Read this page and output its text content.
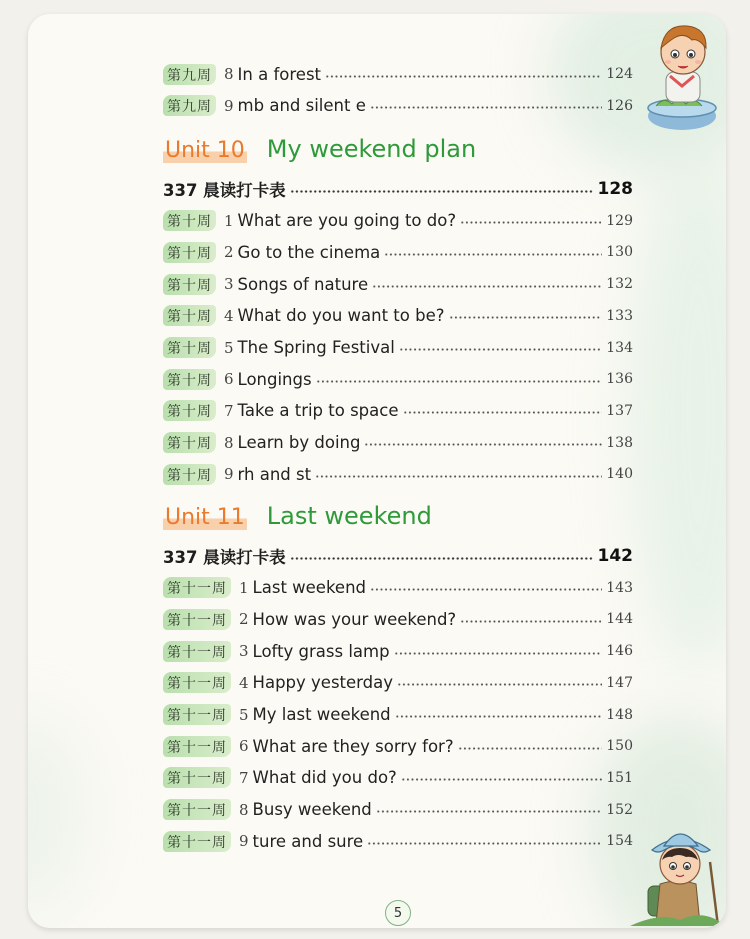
第九周 8 In a forest	124
第九周 9 mb and silent e	126
Unit 10 My weekend plan
337 晨读打卡表	128
第十周 1 What are you going to do?	129
第十周 2 Go to the cinema	130
第十周 3 Songs of nature	132
第十周 4 What do you want to be?	133
第十周 5 The Spring Festival	134
第十周 6 Longings	136
第十周 7 Take a trip to space	137
第十周 8 Learn by doing	138
第十周 9 rh and st	140
Unit 11 Last weekend
337 晨读打卡表	142
第十一周 1 Last weekend	143
第十一周 2 How was your weekend?	144
第十一周 3 Lofty grass lamp	146
第十一周 4 Happy yesterday	147
第十一周 5 My last weekend	148
第十一周 6 What are they sorry for?	150
第十一周 7 What did you do?	151
第十一周 8 Busy weekend	152
第十一周 9 ture and sure	154
5
